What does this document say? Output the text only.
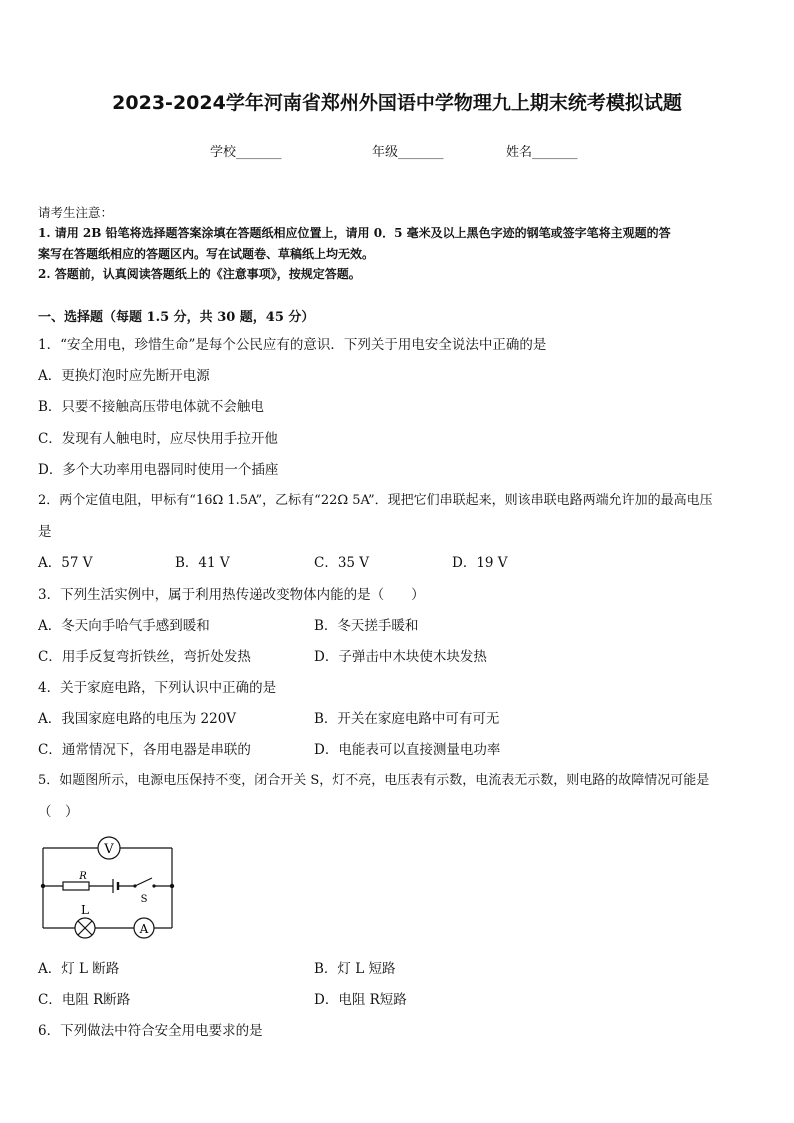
2023-2024学年河南省郑州外国语中学物理九上期末统考模拟试题
学校_______	年级_______	姓名_______
请考生注意：
1. 请用 2B 铅笔将选择题答案涂填在答题纸相应位置上，请用 0．5 毫米及以上黑色字迹的钢笔或签字笔将主观题的答
案写在答题纸相应的答题区内。写在试题卷、草稿纸上均无效。
2. 答题前，认真阅读答题纸上的《注意事项》，按规定答题。
一、选择题（每题 1.5 分，共 30 题，45 分）
1．“安全用电，珍惜生命”是每个公民应有的意识．下列关于用电安全说法中正确的是
A．更换灯泡时应先断开电源
B．只要不接触高压带电体就不会触电
C．发现有人触电时，应尽快用手拉开他
D．多个大功率用电器同时使用一个插座
2．两个定值电阻，甲标有“16Ω 1.5A”，乙标有“22Ω 5A”．现把它们串联起来，则该串联电路两端允许加的最高电压
是
A．57 V	B．41 V	C．35 V	D．19 V
3．下列生活实例中，属于利用热传递改变物体内能的是（　　）
A．冬天向手哈气手感到暖和	B．冬天搓手暖和
C．用手反复弯折铁丝，弯折处发热	D．子弹击中木块使木块发热
4．关于家庭电路，下列认识中正确的是
A．我国家庭电路的电压为 220V	B．开关在家庭电路中可有可无
C．通常情况下，各用电器是串联的	D．电能表可以直接测量电功率
5．如题图所示，电源电压保持不变，闭合开关 S，灯不亮，电压表有示数，电流表无示数，则电路的故障情况可能是
（　）
V
A
R
S
L
A．灯 L 断路	B．灯 L 短路
C．电阻 R断路	D．电阻 R短路
6．下列做法中符合安全用电要求的是
